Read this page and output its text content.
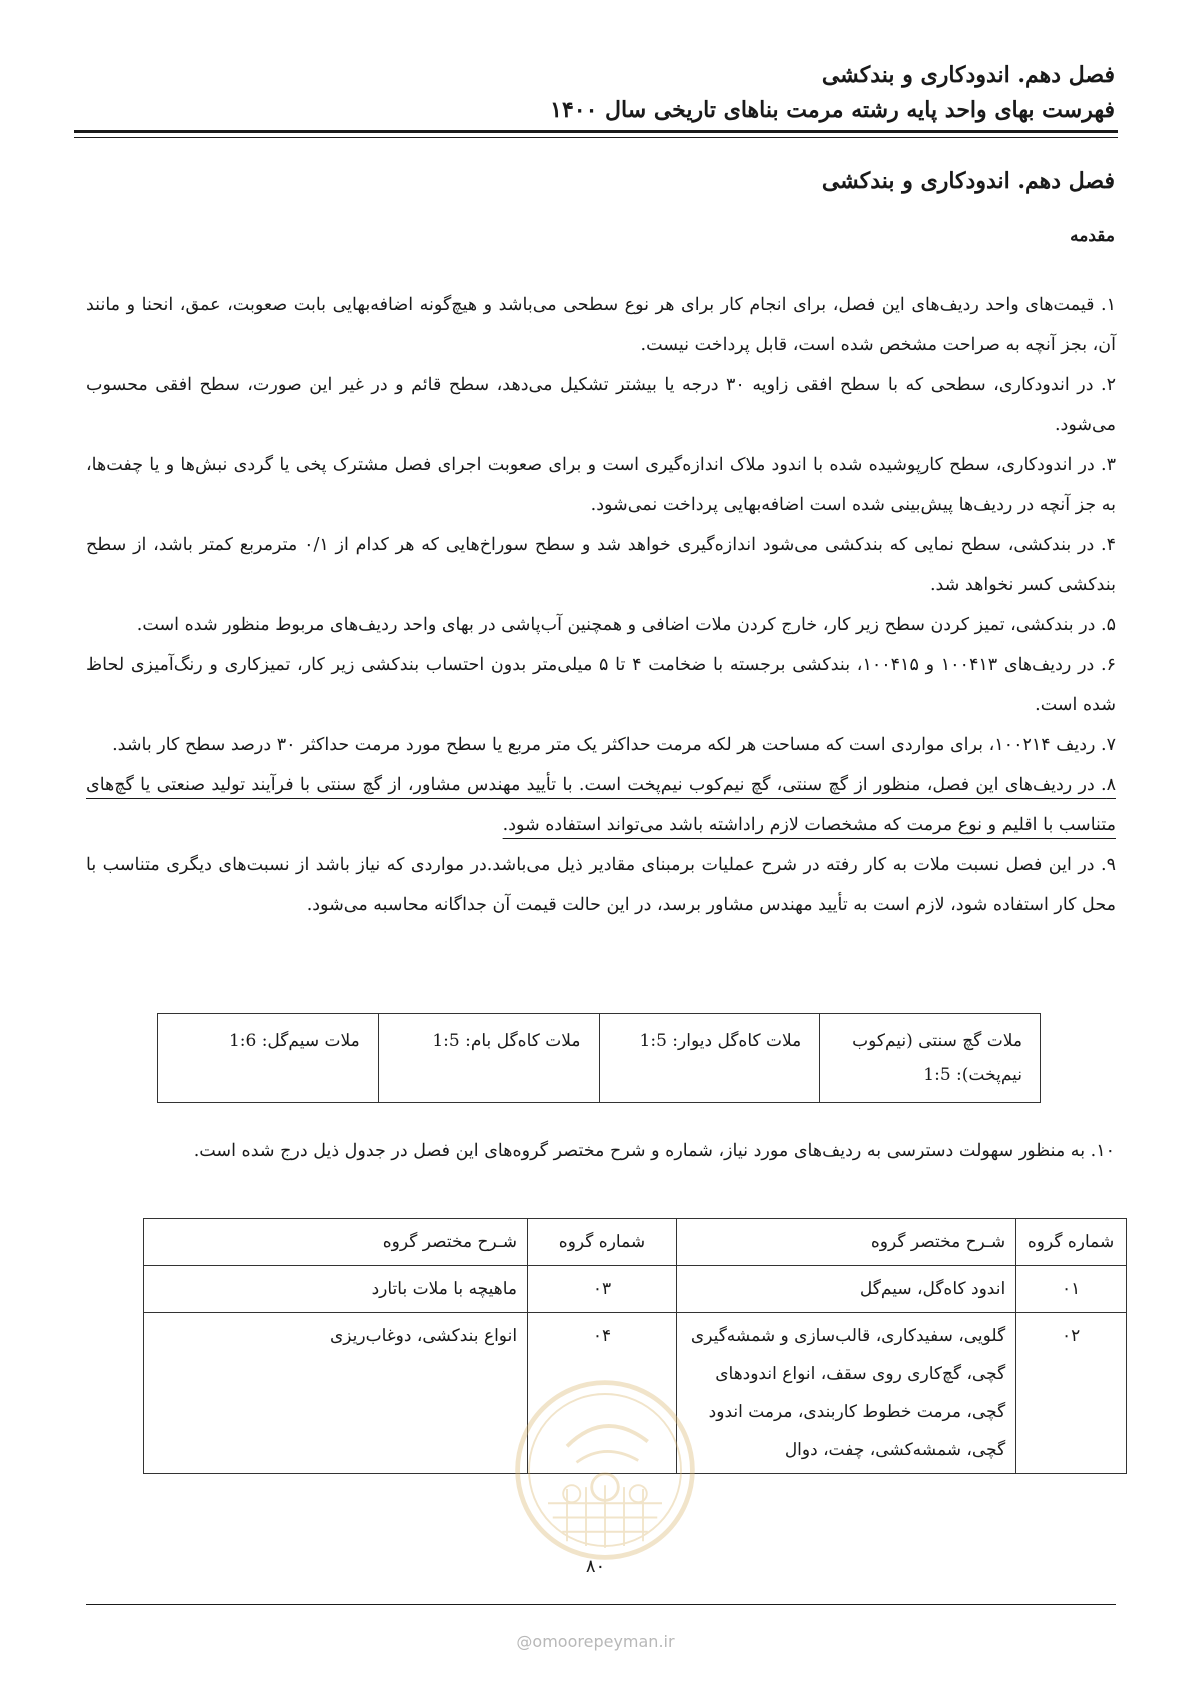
فصل دهم. اندودکاری و بندکشی
فهرست بهای واحد پایه رشته مرمت بناهای تاریخی سال ۱۴۰۰
فصل دهم. اندودکاری و بندکشی
مقدمه

۱. قیمت‌های واحد ردیف‌های این فصل، برای انجام کار برای هر نوع سطحی می‌باشد و هیچ‌گونه اضافه‌بهایی بابت صعوبت، عمق، انحنا و مانند آن، بجز آنچه به صراحت مشخص شده است، قابل پرداخت نیست.

۲. در اندودکاری، سطحی که با سطح افقی زاویه ۳۰ درجه یا بیشتر تشکیل می‌دهد، سطح قائم و در غیر این صورت، سطح افقی محسوب می‌شود.

۳. در اندودکاری، سطح کارپوشیده شده با اندود ملاک اندازه‌گیری است و برای صعوبت اجرای فصل مشترک پخی یا گردی نبش‌ها و یا چفت‌ها، به جز آنچه در ردیف‌ها پیش‌بینی شده است اضافه‌بهایی پرداخت نمی‌شود.

۴. در بندکشی، سطح نمایی که بندکشی می‌شود اندازه‌گیری خواهد شد و سطح سوراخ‌هایی که هر کدام از ۰/۱ مترمربع کمتر باشد، از سطح بندکشی کسر نخواهد شد.

۵. در بندکشی، تمیز کردن سطح زیر کار، خارج کردن ملات اضافی و همچنین آب‌پاشی در بهای واحد ردیف‌های مربوط منظور شده است.

۶. در ردیف‌های ۱۰۰۴۱۳ و ۱۰۰۴۱۵، بندکشی برجسته با ضخامت ۴ تا ۵ میلی‌متر بدون احتساب بندکشی زیر کار، تمیزکاری و رنگ‌آمیزی لحاظ شده است.

۷. ردیف ۱۰۰۲۱۴، برای مواردی است که مساحت هر لکه مرمت حداکثر یک متر مربع یا سطح مورد مرمت حداکثر ۳۰ درصد سطح کار باشد.

۸. در ردیف‌های این فصل، منظور از گچ سنتی، گچ نیم‌کوب نیم‌پخت است. با تأیید مهندس مشاور، از گچ سنتی با فرآیند تولید صنعتی یا گچ‌های متناسب با اقلیم و نوع مرمت که مشخصات لازم راداشته باشد می‌تواند استفاده شود.

۹. در این فصل نسبت ملات به کار رفته در شرح عملیات برمبنای مقادیر ذیل می‌باشد.در مواردی که نیاز باشد از نسبت‌های دیگری متناسب با محل کار استفاده شود، لازم است به تأیید مهندس مشاور برسد، در این حالت قیمت آن جداگانه محاسبه می‌شود.

ملات گچ سنتی (نیم‌کوب نیم‌پخت): 1:5	ملات کاه‌گل دیوار: 1:5	ملات کاه‌گل بام: 1:5	ملات سیم‌گل: 1:6
۱۰. به منظور سهولت دسترسی به ردیف‌های مورد نیاز، شماره و شرح مختصر گروه‌های این فصل در جدول ذیل درج شده است.
شماره گروه	شـرح مختصر گروه	شماره گروه	شـرح مختصر گروه
۰۱	اندود کاه‌گل، سیم‌گل	۰۳	ماهیچه با ملات باتارد
۰۲	گلویی، سفیدکاری، قالب‌سازی و شمشه‌گیری گچی، گچ‌کاری روی سقف، انواع اندودهای گچی، مرمت خطوط کاربندی، مرمت اندود گچی، شمشه‌کشی، چفت، دوال	۰۴	انواع بندکشی، دوغاب‌ریزی
۸۰
@omoorepeyman.ir
